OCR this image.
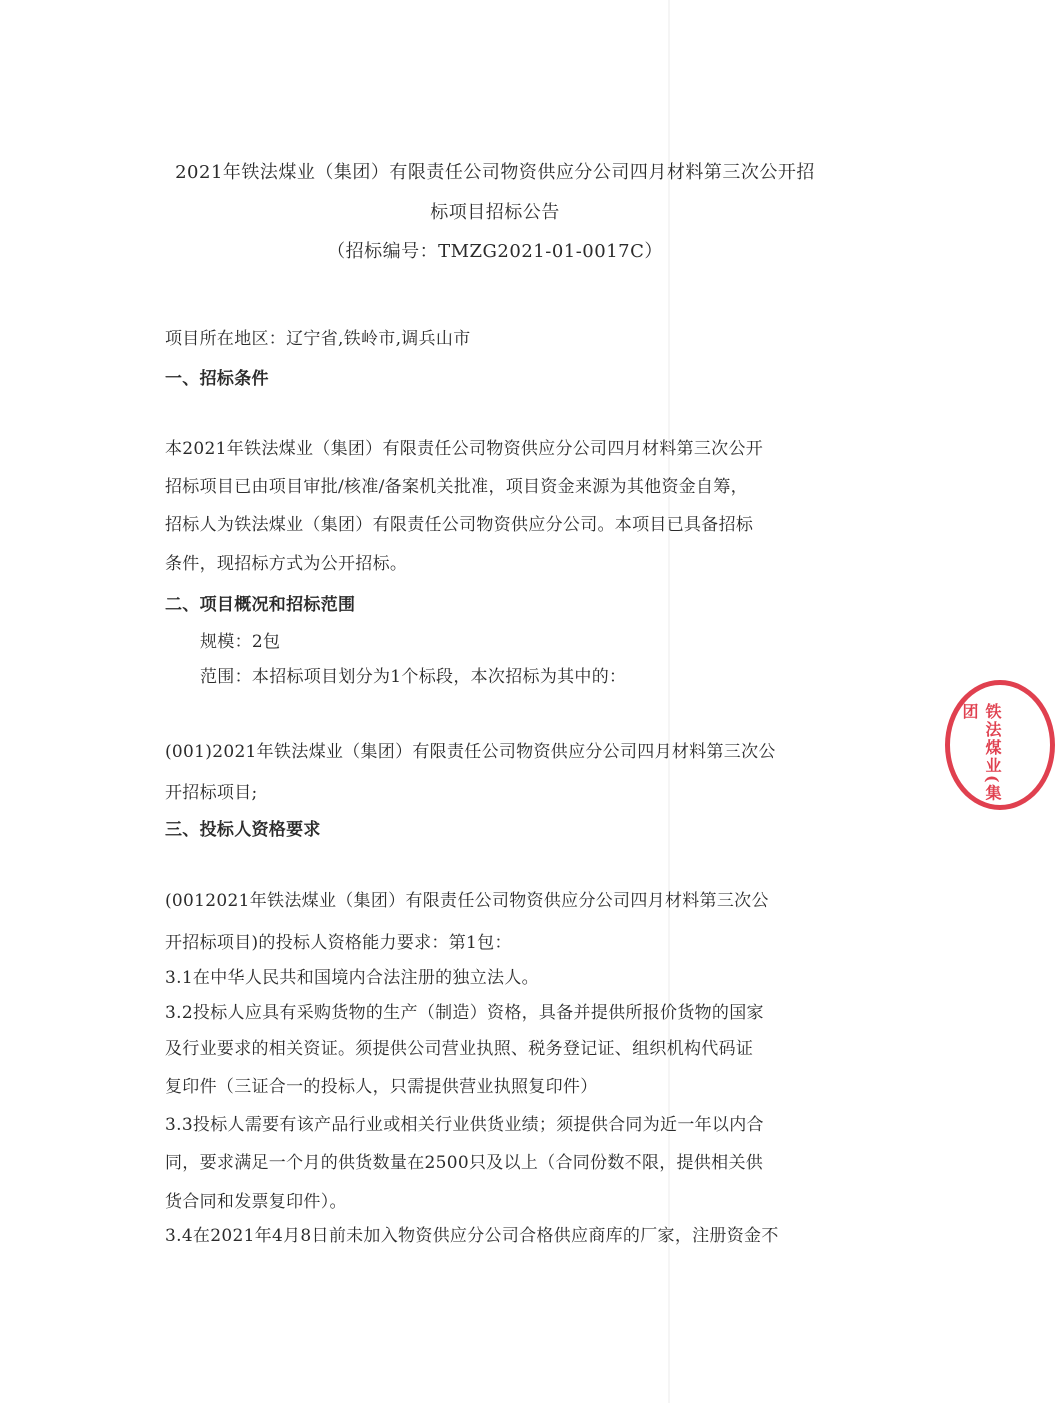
2021年铁法煤业（集团）有限责任公司物资供应分公司四月材料第三次公开招
标项目招标公告
（招标编号：TMZG2021-01-0017C）
项目所在地区：辽宁省,铁岭市,调兵山市
一、招标条件
本2021年铁法煤业（集团）有限责任公司物资供应分公司四月材料第三次公开
招标项目已由项目审批/核准/备案机关批准，项目资金来源为其他资金自筹，
招标人为铁法煤业（集团）有限责任公司物资供应分公司。本项目已具备招标
条件，现招标方式为公开招标。
二、项目概况和招标范围
规模：2包
范围：本招标项目划分为1个标段，本次招标为其中的：
(001)2021年铁法煤业（集团）有限责任公司物资供应分公司四月材料第三次公
开招标项目;
三、投标人资格要求
(0012021年铁法煤业（集团）有限责任公司物资供应分公司四月材料第三次公
开招标项目)的投标人资格能力要求：第1包：
3.1在中华人民共和国境内合法注册的独立法人。
3.2投标人应具有采购货物的生产（制造）资格，具备并提供所报价货物的国家
及行业要求的相关资证。须提供公司营业执照、税务登记证、组织机构代码证
复印件（三证合一的投标人，只需提供营业执照复印件）
3.3投标人需要有该产品行业或相关行业供货业绩；须提供合同为近一年以内合
同，要求满足一个月的供货数量在2500只及以上（合同份数不限，提供相关供
货合同和发票复印件）。
3.4在2021年4月8日前未加入物资供应分公司合格供应商库的厂家，注册资金不
铁法煤业(集团
